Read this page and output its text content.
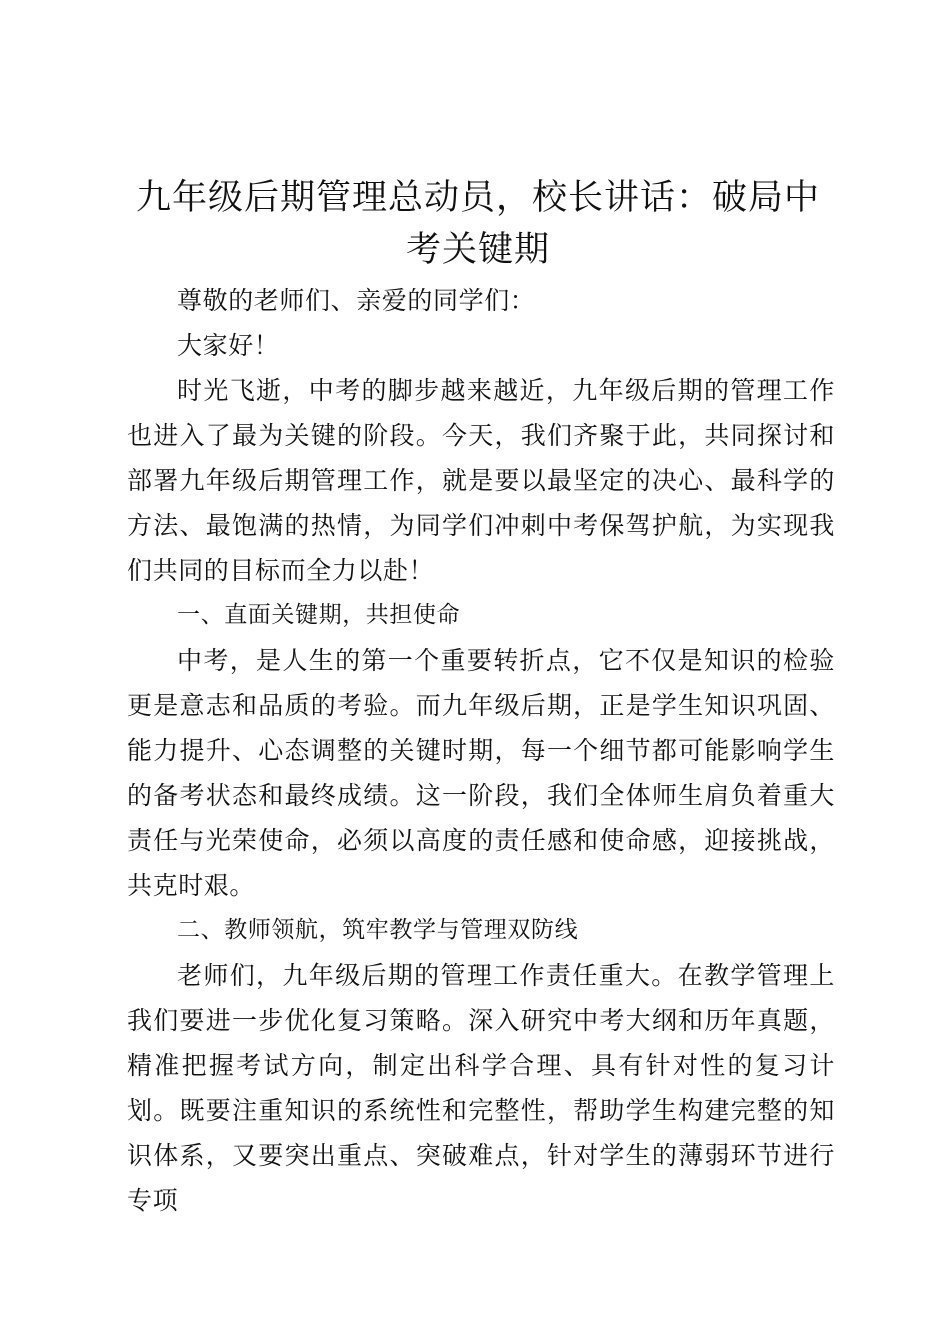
九年级后期管理总动员，校长讲话：破局中考关键期

尊敬的老师们、亲爱的同学们：

大家好！

时光飞逝，中考的脚步越来越近，九年级后期的管理工作也进入了最为关键的阶段。今天，我们齐聚于此，共同探讨和部署九年级后期管理工作，就是要以最坚定的决心、最科学的方法、最饱满的热情，为同学们冲刺中考保驾护航，为实现我们共同的目标而全力以赴！

一、直面关键期，共担使命

中考，是人生的第一个重要转折点，它不仅是知识的检验更是意志和品质的考验。而九年级后期，正是学生知识巩固、能力提升、心态调整的关键时期，每一个细节都可能影响学生的备考状态和最终成绩。这一阶段，我们全体师生肩负着重大责任与光荣使命，必须以高度的责任感和使命感，迎接挑战，共克时艰。

二、教师领航，筑牢教学与管理双防线

老师们，九年级后期的管理工作责任重大。在教学管理上我们要进一步优化复习策略。深入研究中考大纲和历年真题，精准把握考试方向，制定出科学合理、具有针对性的复习计划。既要注重知识的系统性和完整性，帮助学生构建完整的知识体系，又要突出重点、突破难点，针对学生的薄弱环节进行专项
